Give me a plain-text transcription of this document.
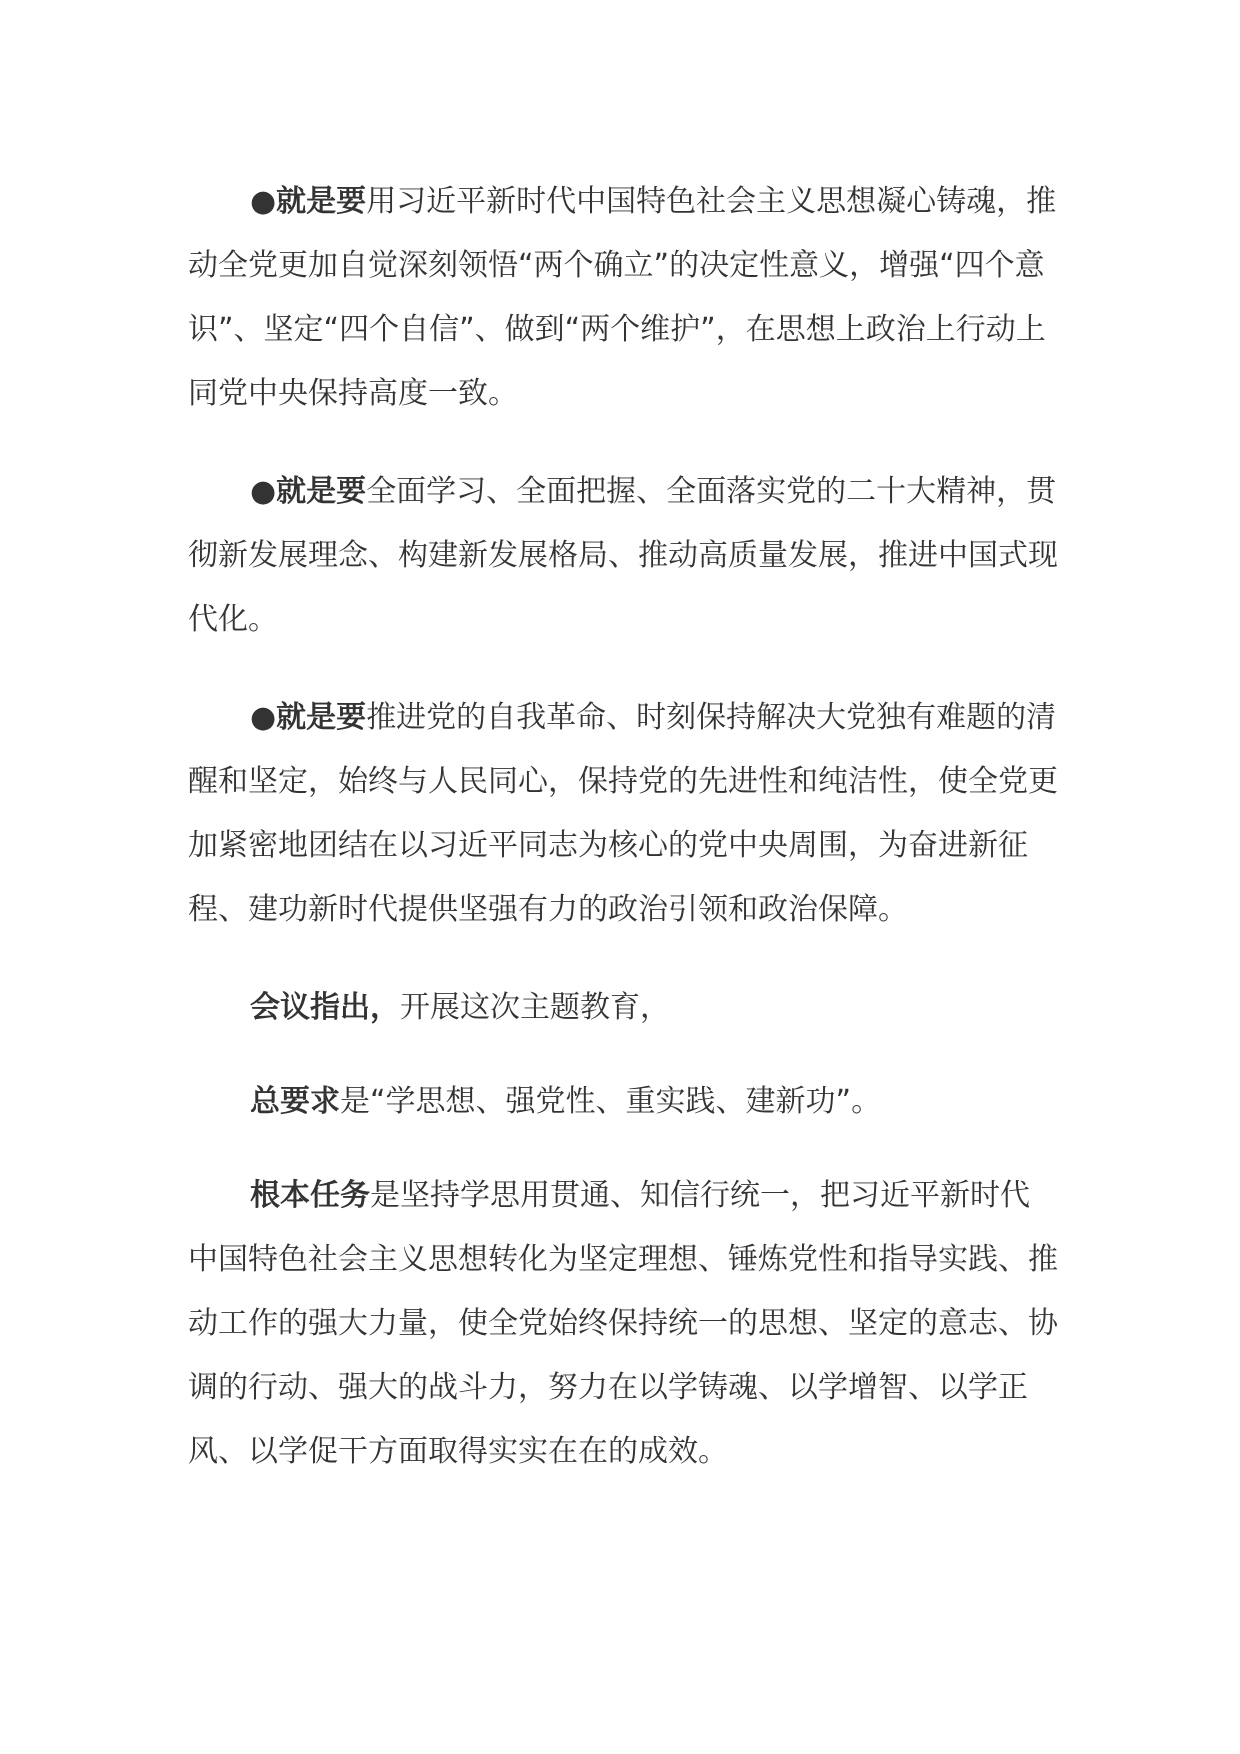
●就是要用习近平新时代中国特色社会主义思想凝心铸魂，推动全党更加自觉深刻领悟“两个确立”的决定性意义，增强“四个意识”、坚定“四个自信”、做到“两个维护”，在思想上政治上行动上同党中央保持高度一致。

●就是要全面学习、全面把握、全面落实党的二十大精神，贯彻新发展理念、构建新发展格局、推动高质量发展，推进中国式现代化。

●就是要推进党的自我革命、时刻保持解决大党独有难题的清醒和坚定，始终与人民同心，保持党的先进性和纯洁性，使全党更加紧密地团结在以习近平同志为核心的党中央周围，为奋进新征程、建功新时代提供坚强有力的政治引领和政治保障。

会议指出，开展这次主题教育，

总要求是“学思想、强党性、重实践、建新功”。

根本任务是坚持学思用贯通、知信行统一，把习近平新时代中国特色社会主义思想转化为坚定理想、锤炼党性和指导实践、推动工作的强大力量，使全党始终保持统一的思想、坚定的意志、协调的行动、强大的战斗力，努力在以学铸魂、以学增智、以学正风、以学促干方面取得实实在在的成效。
